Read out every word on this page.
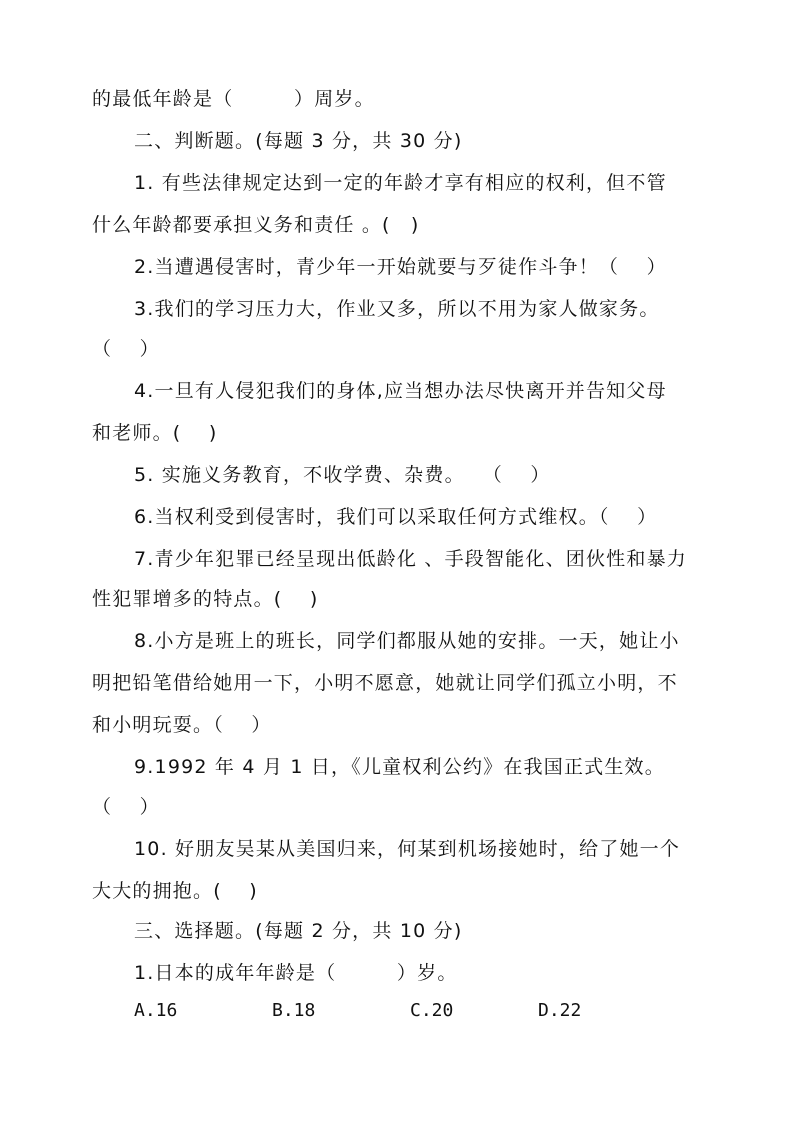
的最低年龄是（　　　）周岁。
二、判断题。(每题 3 分，共 30 分)
1. 有些法律规定达到一定的年龄才享有相应的权利，但不管
什么年龄都要承担义务和责任 。(　)
2.当遭遇侵害时，青少年一开始就要与歹徒作斗争！（　 ）
3.我们的学习压力大，作业又多，所以不用为家人做家务。
（　 ）
4.一旦有人侵犯我们的身体,应当想办法尽快离开并告知父母
和老师。(　 )
5. 实施义务教育，不收学费、杂费。　 （　 ）
6.当权利受到侵害时，我们可以采取任何方式维权。（　 ）
7.青少年犯罪已经呈现出低龄化 、手段智能化、团伙性和暴力
性犯罪增多的特点。(　 )
8.小方是班上的班长，同学们都服从她的安排。一天，她让小
明把铅笔借给她用一下，小明不愿意，她就让同学们孤立小明，不
和小明玩耍。（　 ）
9.1992 年 4 月 1 日，《儿童权利公约》在我国正式生效。
（　 ）
10. 好朋友吴某从美国归来，何某到机场接她时，给了她一个
大大的拥抱。(　 )
三、选择题。(每题 2 分，共 10 分)
1.日本的成年年龄是（　　　）岁。
A.16	B.18	C.20	D.22
